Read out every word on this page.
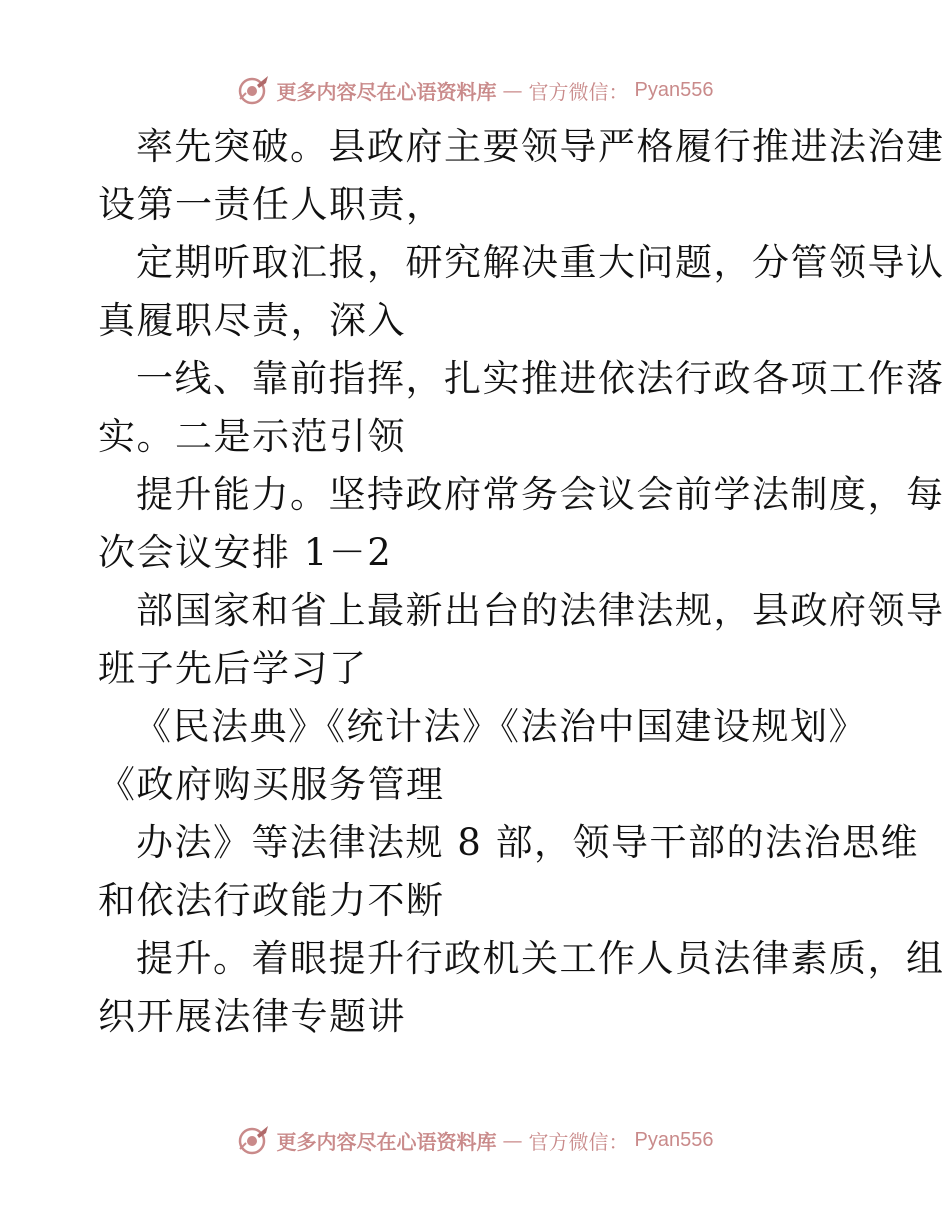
更多内容尽在心语资料库 — 官方微信： Pyan556

率先突破。县政府主要领导严格履行推进法治建
设第一责任人职责，

定期听取汇报，研究解决重大问题，分管领导认
真履职尽责，深入

一线、靠前指挥，扎实推进依法行政各项工作落
实。二是示范引领

提升能力。坚持政府常务会议会前学法制度，每
次会议安排 1－2

部国家和省上最新出台的法律法规，县政府领导
班子先后学习了

《民法典》《统计法》《法治中国建设规划》
《政府购买服务管理

办法》等法律法规 8 部，领导干部的法治思维
和依法行政能力不断

提升。着眼提升行政机关工作人员法律素质，组
织开展法律专题讲

更多内容尽在心语资料库 — 官方微信： Pyan556
